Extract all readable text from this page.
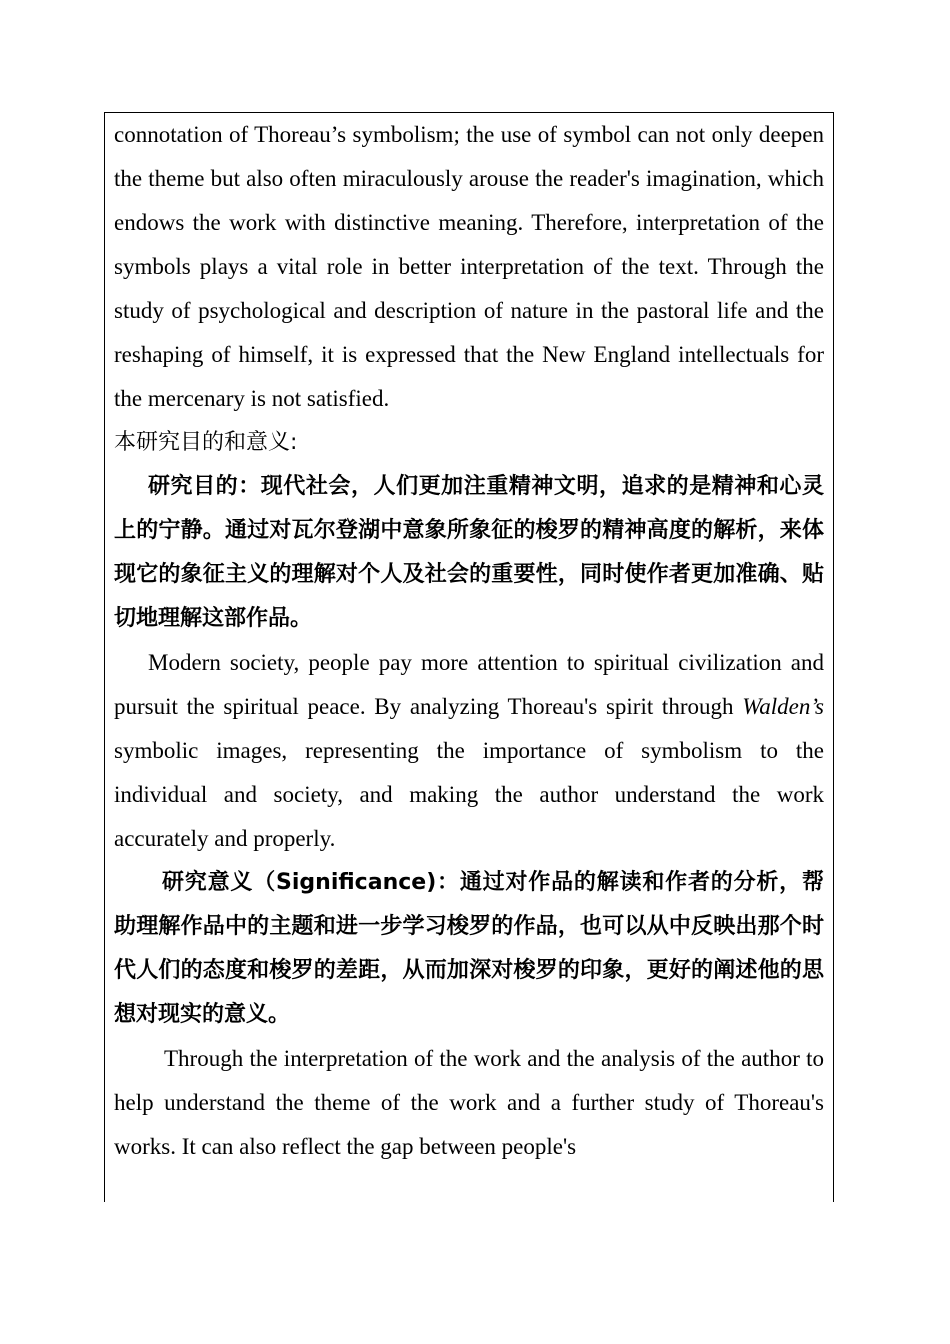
connotation of Thoreau’s symbolism; the use of symbol can not only deepen the theme but also often miraculously arouse the reader's imagination, which endows the work with distinctive meaning. Therefore, interpretation of the symbols plays a vital role in better interpretation of the text. Through the study of psychological and description of nature in the pastoral life and the reshaping of himself, it is expressed that the New England intellectuals for the mercenary is not satisfied.

本研究目的和意义:

研究目的：现代社会，人们更加注重精神文明，追求的是精神和心灵上的宁静。通过对瓦尔登湖中意象所象征的梭罗的精神高度的解析，来体现它的象征主义的理解对个人及社会的重要性，同时使作者更加准确、贴切地理解这部作品。

Modern society, people pay more attention to spiritual civilization and pursuit the spiritual peace. By analyzing Thoreau's spirit through Walden’s symbolic images, representing the importance of symbolism to the individual and society, and making the author understand the work accurately and properly.

研究意义（Significance)：通过对作品的解读和作者的分析，帮助理解作品中的主题和进一步学习梭罗的作品，也可以从中反映出那个时代人们的态度和梭罗的差距，从而加深对梭罗的印象，更好的阐述他的思想对现实的意义。

Through the interpretation of the work and the analysis of the author to help understand the theme of the work and a further study of Thoreau's works. It can also reflect the gap between people's
